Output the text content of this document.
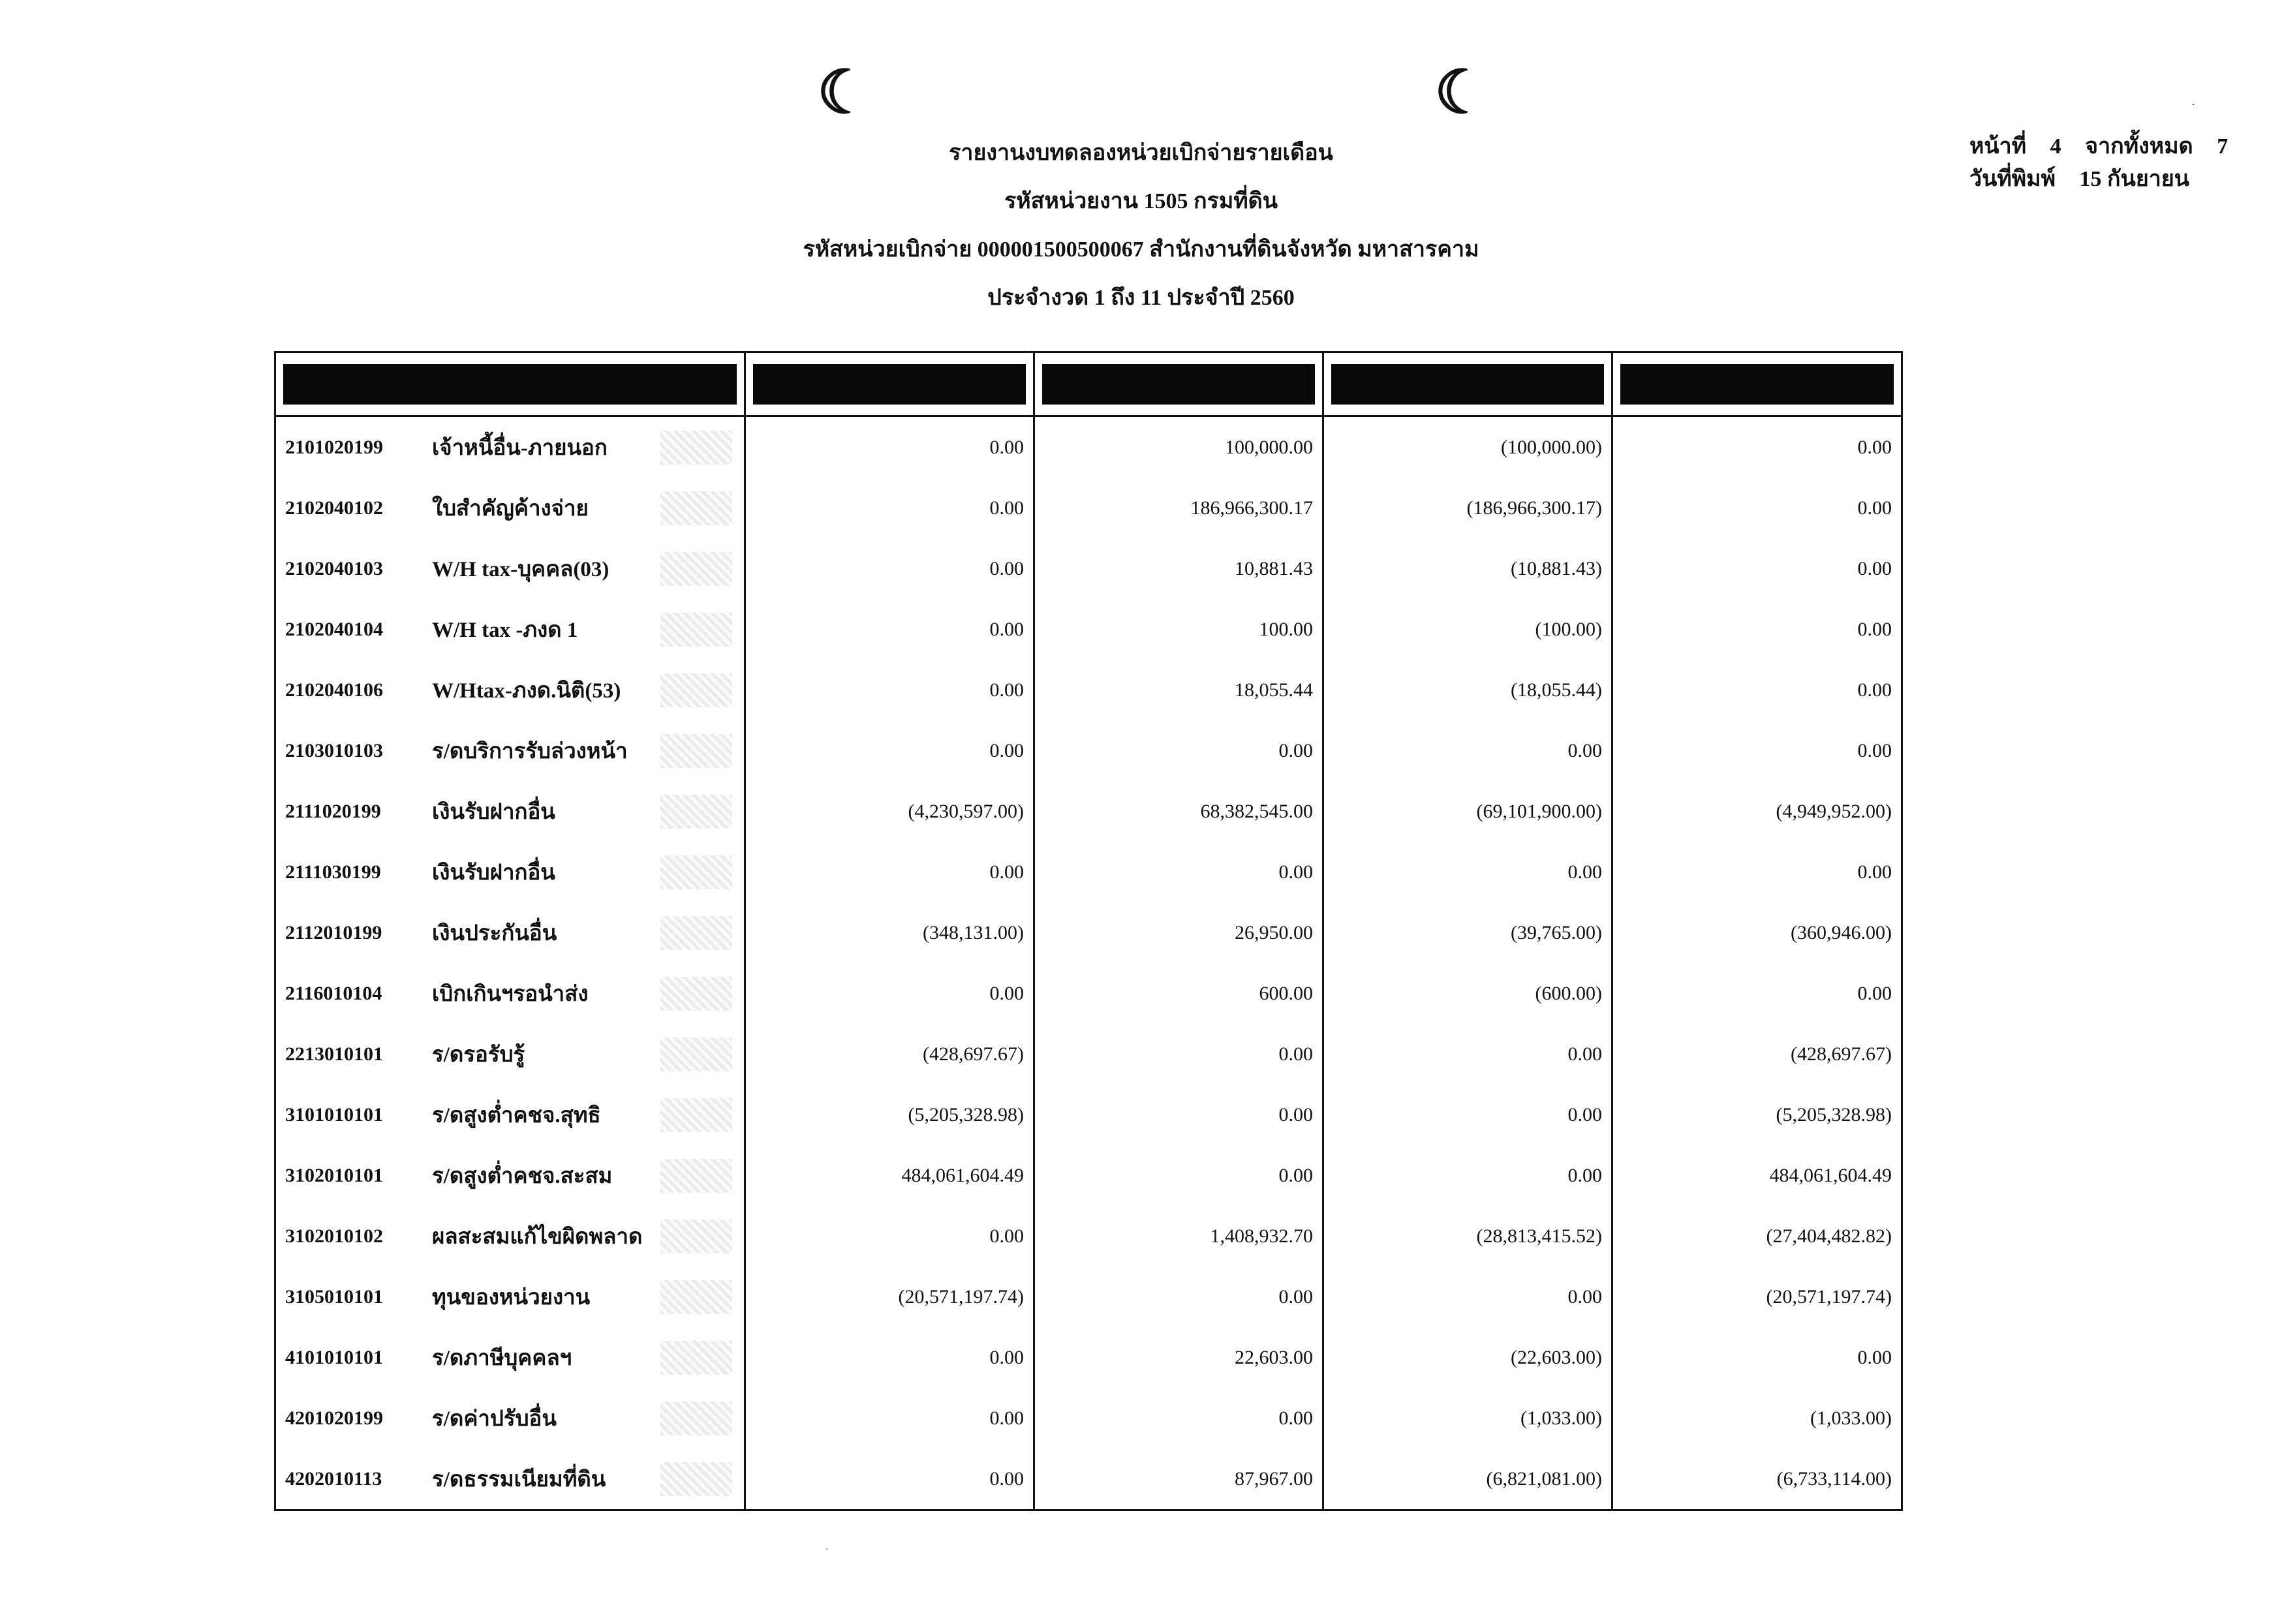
☾	☾	·
รายงานงบทดลองหน่วยเบิกจ่ายรายเดือน
รหัสหน่วยงาน 1505 กรมที่ดิน
รหัสหน่วยเบิกจ่าย 000001500500067 สำนักงานที่ดินจังหวัด มหาสารคาม
ประจำงวด 1 ถึง 11 ประจำปี 2560
หน้าที่ 4 จากทั้งหมด 7
วันที่พิมพ์ 15 กันยายน

2101020199 เจ้าหนี้อื่น-ภายนอก	0.00	100,000.00	(100,000.00)	0.00

2102040102 ใบสำคัญค้างจ่าย	0.00	186,966,300.17	(186,966,300.17)	0.00

2102040103 W/H tax-บุคคล(03)	0.00	10,881.43	(10,881.43)	0.00

2102040104 W/H tax -ภงด 1	0.00	100.00	(100.00)	0.00

2102040106 W/Htax-ภงด.นิติ(53)	0.00	18,055.44	(18,055.44)	0.00

2103010103 ร/ดบริการรับล่วงหน้า	0.00	0.00	0.00	0.00

2111020199 เงินรับฝากอื่น	(4,230,597.00)	68,382,545.00	(69,101,900.00)	(4,949,952.00)

2111030199 เงินรับฝากอื่น	0.00	0.00	0.00	0.00

2112010199 เงินประกันอื่น	(348,131.00)	26,950.00	(39,765.00)	(360,946.00)

2116010104 เบิกเกินฯรอนำส่ง	0.00	600.00	(600.00)	0.00

2213010101 ร/ดรอรับรู้	(428,697.67)	0.00	0.00	(428,697.67)

3101010101 ร/ดสูงต่ำคชจ.สุทธิ	(5,205,328.98)	0.00	0.00	(5,205,328.98)

3102010101 ร/ดสูงต่ำคชจ.สะสม	484,061,604.49	0.00	0.00	484,061,604.49

3102010102 ผลสะสมแก้ไขผิดพลาด	0.00	1,408,932.70	(28,813,415.52)	(27,404,482.82)

3105010101 ทุนของหน่วยงาน	(20,571,197.74)	0.00	0.00	(20,571,197.74)

4101010101 ร/ดภาษีบุคคลฯ	0.00	22,603.00	(22,603.00)	0.00

4201020199 ร/ดค่าปรับอื่น	0.00	0.00	(1,033.00)	(1,033.00)

4202010113 ร/ดธรรมเนียมที่ดิน	0.00	87,967.00	(6,821,081.00)	(6,733,114.00)
·
